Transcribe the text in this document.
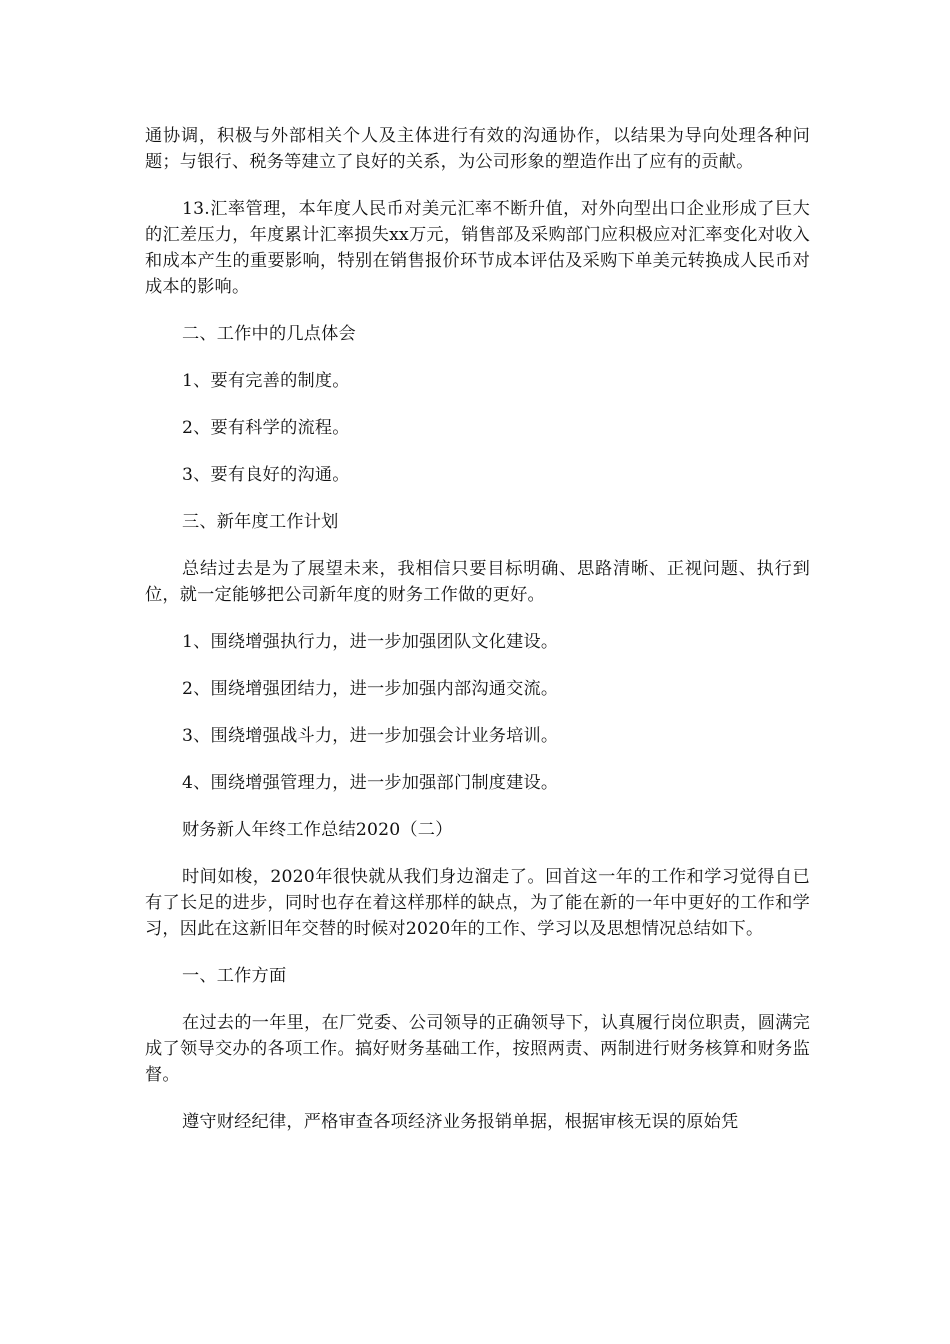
通协调，积极与外部相关个人及主体进行有效的沟通协作，以结果为导向处理各种问题；与银行、税务等建立了良好的关系，为公司形象的塑造作出了应有的贡献。

13.汇率管理，本年度人民币对美元汇率不断升值，对外向型出口企业形成了巨大的汇差压力，年度累计汇率损失xx万元，销售部及采购部门应积极应对汇率变化对收入和成本产生的重要影响，特别在销售报价环节成本评估及采购下单美元转换成人民币对成本的影响。

二、工作中的几点体会

1、要有完善的制度。

2、要有科学的流程。

3、要有良好的沟通。

三、新年度工作计划

总结过去是为了展望未来，我相信只要目标明确、思路清晰、正视问题、执行到位，就一定能够把公司新年度的财务工作做的更好。

1、围绕增强执行力，进一步加强团队文化建设。

2、围绕增强团结力，进一步加强内部沟通交流。

3、围绕增强战斗力，进一步加强会计业务培训。

4、围绕增强管理力，进一步加强部门制度建设。

财务新人年终工作总结2020（二）

时间如梭，2020年很快就从我们身边溜走了。回首这一年的工作和学习觉得自已有了长足的进步，同时也存在着这样那样的缺点，为了能在新的一年中更好的工作和学习，因此在这新旧年交替的时候对2020年的工作、学习以及思想情况总结如下。

一、工作方面

在过去的一年里，在厂党委、公司领导的正确领导下，认真履行岗位职责，圆满完成了领导交办的各项工作。搞好财务基础工作，按照两责、两制进行财务核算和财务监督。

遵守财经纪律，严格审查各项经济业务报销单据，根据审核无误的原始凭
